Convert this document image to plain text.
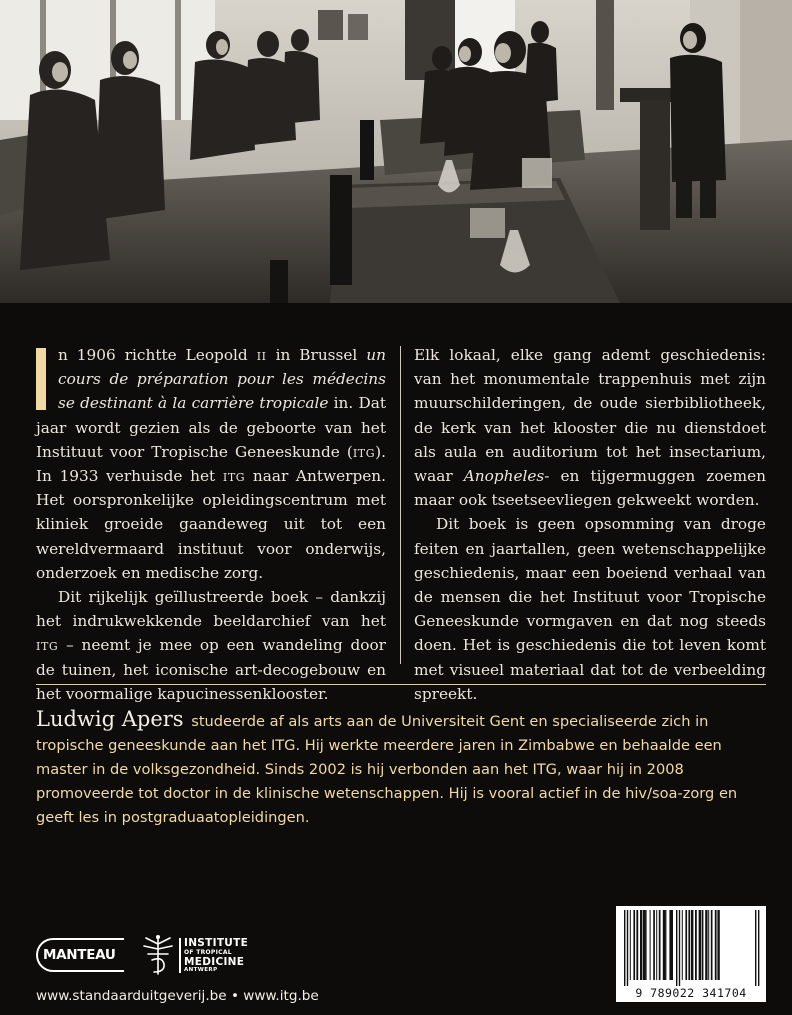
n 1906 richtte Leopold ii in Brussel un cours de préparation pour les médecins se destinant à la carrière tropicale in. Dat jaar wordt gezien als de geboorte van het Instituut voor Tropische Geneeskunde (itg). In 1933 verhuisde het itg naar Antwerpen. Het oorspronkelijke opleidingscentrum met kliniek groeide gaandeweg uit tot een wereldvermaard instituut voor onderwijs, onderzoek en medische zorg.

Dit rijkelijk geïllustreerde boek – dankzij het indrukwekkende beeldarchief van het itg – neemt je mee op een wandeling door de tuinen, het iconische art-decogebouw en het voormalige kapucinessenklooster.

Elk lokaal, elke gang ademt geschiedenis: van het monumentale trappenhuis met zijn muurschilderingen, de oude sierbibliotheek, de kerk van het klooster die nu dienstdoet als aula en auditorium tot het insectarium, waar Anopheles- en tijgermuggen zoemen maar ook tseetseevliegen gekweekt worden.

Dit boek is geen opsomming van droge feiten en jaartallen, geen wetenschappelijke geschiedenis, maar een boeiend verhaal van de mensen die het Instituut voor Tropische Geneeskunde vormgaven en dat nog steeds doen. Het is geschiedenis die tot leven komt met visueel materiaal dat tot de verbeelding spreekt.

Ludwig Apers studeerde af als arts aan de Universiteit Gent en specialiseerde zich in tropische geneeskunde aan het ITG. Hij werkte meerdere jaren in Zimbabwe en behaalde een master in de volksgezondheid. Sinds 2002 is hij verbonden aan het ITG, waar hij in 2008 promoveerde tot doctor in de klinische wetenschappen. Hij is vooral actief in de hiv/soa-zorg en geeft les in postgraduaatopleidingen.
MANTEAU
INSTITUTE
OF TROPICAL
MEDICINE
ANTWERP
www.standaarduitgeverij.be • www.itg.be	9 789022 341704
